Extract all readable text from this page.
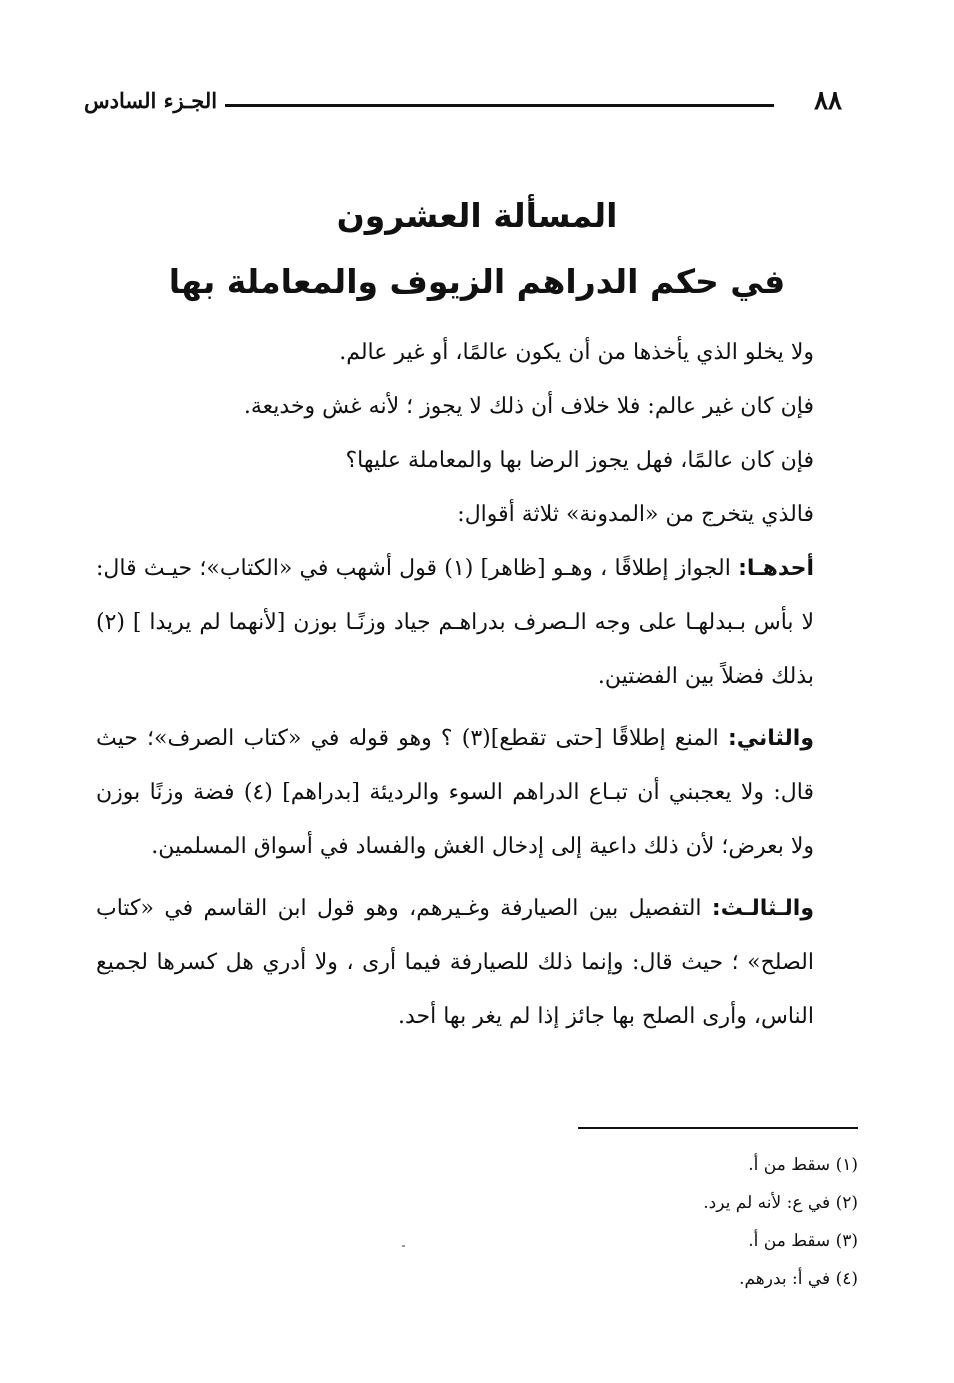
٨٨
الجـزء السادس
المسألة العشرون
في حكم الدراهم الزيوف والمعاملة بها

ولا يخلو الذي يأخذها من أن يكون عالمًا، أو غير عالم.

فإن كان غير عالم: فلا خلاف أن ذلك لا يجوز ؛ لأنه غش وخديعة.

فإن كان عالمًا، فهل يجوز الرضا بها والمعاملة عليها؟

فالذي يتخرج من «المدونة» ثلاثة أقوال:

أحدهـا: الجواز إطلاقًا ، وهـو [ظاهر] (١) قول أشهب في «الكتاب»؛ حيـث قال: لا بأس بـبدلهـا على وجه الـصرف بدراهـم جياد وزنًـا بوزن [لأنهما لم يريدا ] (٢) بذلك فضلاً بين الفضتين.

والثاني: المنع إطلاقًا [حتى تقطع](٣) ؟ وهو قوله في «كتاب الصرف»؛ حيث قال: ولا يعجبني أن تبـاع الدراهم السوء والرديئة [بدراهم] (٤) فضة وزنًا بوزن ولا بعرض؛ لأن ذلك داعية إلى إدخال الغش والفساد في أسواق المسلمين.

والـثالـث: التفصيل بين الصيارفة وغـيرهم، وهو قول ابن القاسم في «كتاب الصلح» ؛ حيث قال: وإنما ذلك للصيارفة فيما أرى ، ولا أدري هل كسرها لجميع الناس، وأرى الصلح بها جائز إذا لم يغر بها أحد.

(١) سقط من أ.

(٢) في ع: لأنه لم يرد.

(٣) سقط من أ.

(٤) في أ: بدرهم.
